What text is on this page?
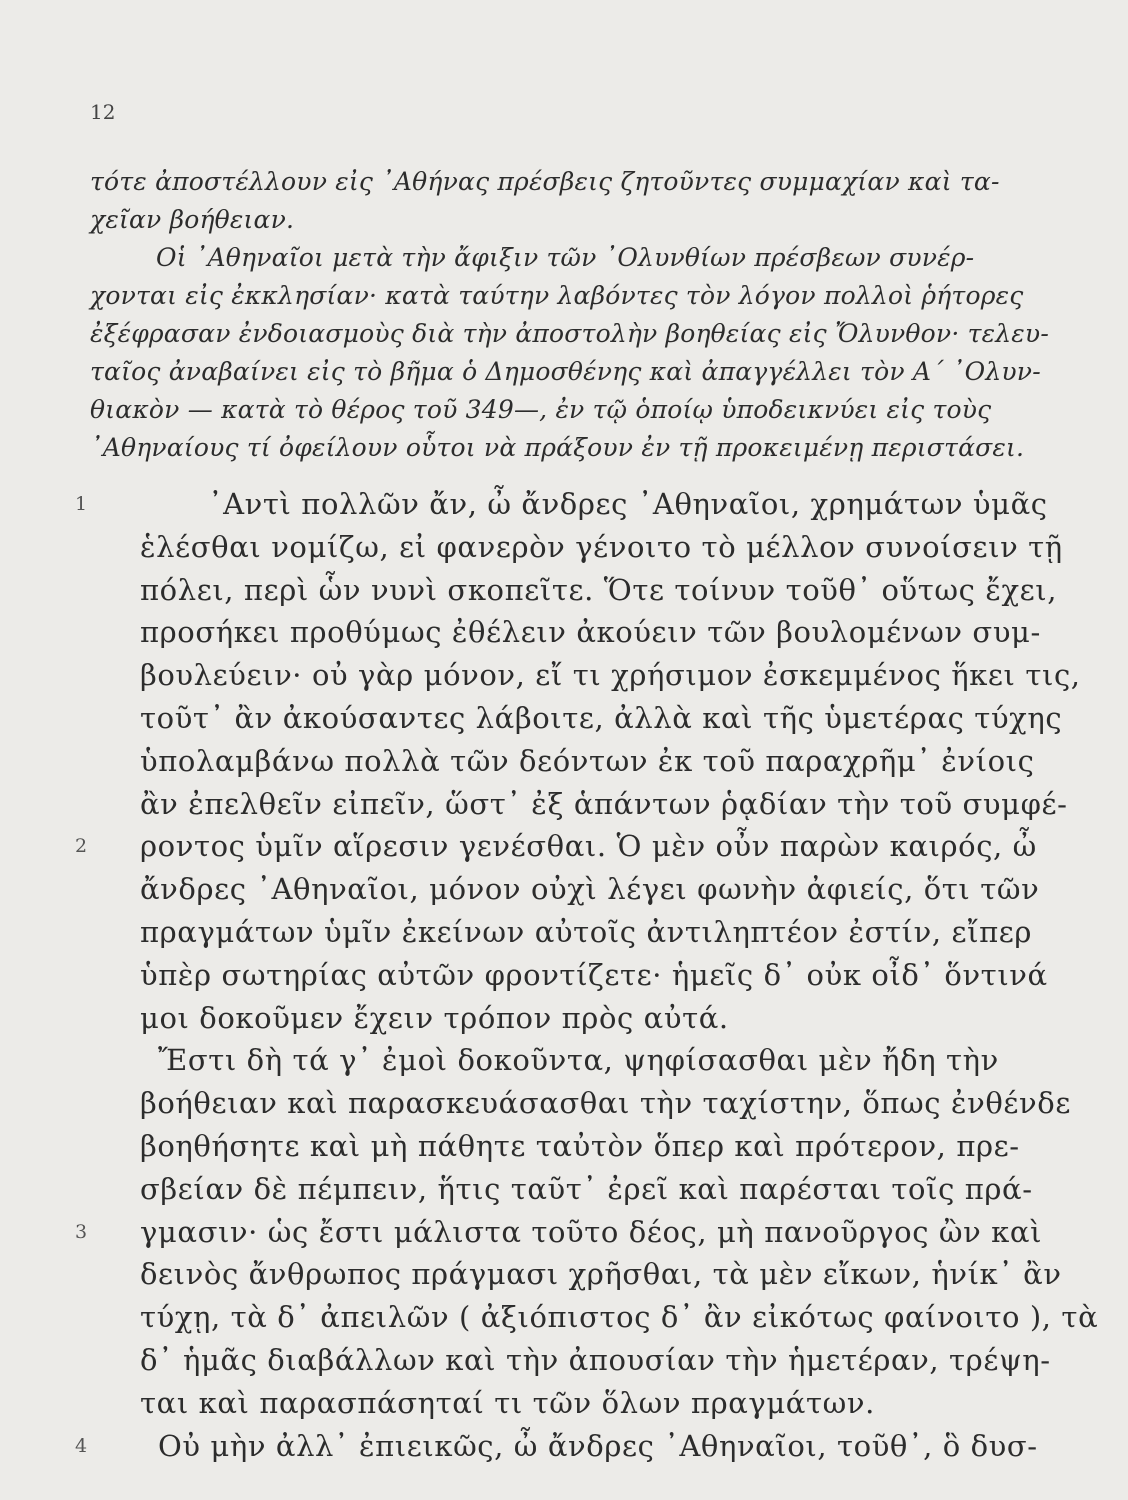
12
τότε ἀποστέλλουν εἰς ᾿Αθήνας πρέσβεις ζητοῦντες συμμαχίαν καὶ τα-
χεῖαν βοήθειαν.
Οἱ ᾿Αθηναῖοι μετὰ τὴν ἄφιξιν τῶν ᾿Ολυνθίων πρέσβεων συνέρ-
χονται εἰς ἐκκλησίαν· κατὰ ταύτην λαβόντες τὸν λόγον πολλοὶ ῥήτορες
ἐξέφρασαν ἐνδοιασμοὺς διὰ τὴν ἀποστολὴν βοηθείας εἰς Ὄλυνθον· τελευ-
ταῖος ἀναβαίνει εἰς τὸ βῆμα ὁ Δημοσθένης καὶ ἀπαγγέλλει τὸν Α΄ ᾿Ολυν-
θιακὸν — κατὰ τὸ θέρος τοῦ 349—, ἐν τῷ ὁποίῳ ὑποδεικνύει εἰς τοὺς
᾿Αθηναίους τί ὀφείλουν οὗτοι νὰ πράξουν ἐν τῇ προκειμένῃ περιστάσει.
1	᾿Αντὶ πολλῶν ἄν, ὦ ἄνδρες ᾿Αθηναῖοι, χρημάτων ὑμᾶς
ἑλέσθαι νομίζω, εἰ φανερὸν γένοιτο τὸ μέλλον συνοίσειν τῇ
πόλει, περὶ ὧν νυνὶ σκοπεῖτε. Ὅτε τοίνυν τοῦθ᾿ οὕτως ἔχει,
προσήκει προθύμως ἐθέλειν ἀκούειν τῶν βουλομένων συμ-
βουλεύειν· οὐ γὰρ μόνον, εἴ τι χρήσιμον ἐσκεμμένος ἥκει τις,
τοῦτ᾿ ἂν ἀκούσαντες λάβοιτε, ἀλλὰ καὶ τῆς ὑμετέρας τύχης
ὑπολαμβάνω πολλὰ τῶν δεόντων ἐκ τοῦ παραχρῆμ᾿ ἐνίοις
ἂν ἐπελθεῖν εἰπεῖν, ὥστ᾿ ἐξ ἁπάντων ῥᾳδίαν τὴν τοῦ συμφέ-
2 ροντος ὑμῖν αἵρεσιν γενέσθαι. Ὁ μὲν οὖν παρὼν καιρός, ὦ
ἄνδρες ᾿Αθηναῖοι, μόνον οὐχὶ λέγει φωνὴν ἀφιείς, ὅτι τῶν
πραγμάτων ὑμῖν ἐκείνων αὐτοῖς ἀντιληπτέον ἐστίν, εἴπερ
ὑπὲρ σωτηρίας αὐτῶν φροντίζετε· ἡμεῖς δ᾿ οὐκ οἶδ᾿ ὅντινά
μοι δοκοῦμεν ἔχειν τρόπον πρὸς αὐτά.
Ἔστι δὴ τά γ᾿ ἐμοὶ δοκοῦντα, ψηφίσασθαι μὲν ἤδη τὴν
βοήθειαν καὶ παρασκευάσασθαι τὴν ταχίστην, ὅπως ἐνθένδε
βοηθήσητε καὶ μὴ πάθητε ταὐτὸν ὅπερ καὶ πρότερον, πρε-
σβείαν δὲ πέμπειν, ἥτις ταῦτ᾿ ἐρεῖ καὶ παρέσται τοῖς πρά-
3 γμασιν· ὡς ἔστι μάλιστα τοῦτο δέος, μὴ πανοῦργος ὢν καὶ
δεινὸς ἄνθρωπος πράγμασι χρῆσθαι, τὰ μὲν εἴκων, ἡνίκ᾿ ἂν
τύχῃ, τὰ δ᾿ ἀπειλῶν ( ἀξιόπιστος δ᾿ ἂν εἰκότως φαίνοιτο ), τὰ
δ᾿ ἡμᾶς διαβάλλων καὶ τὴν ἀπουσίαν τὴν ἡμετέραν, τρέψη-
ται καὶ παρασπάσηταί τι τῶν ὅλων πραγμάτων.
4 Οὐ μὴν ἀλλ᾿ ἐπιεικῶς, ὦ ἄνδρες ᾿Αθηναῖοι, τοῦθ᾿, ὃ δυσ-
